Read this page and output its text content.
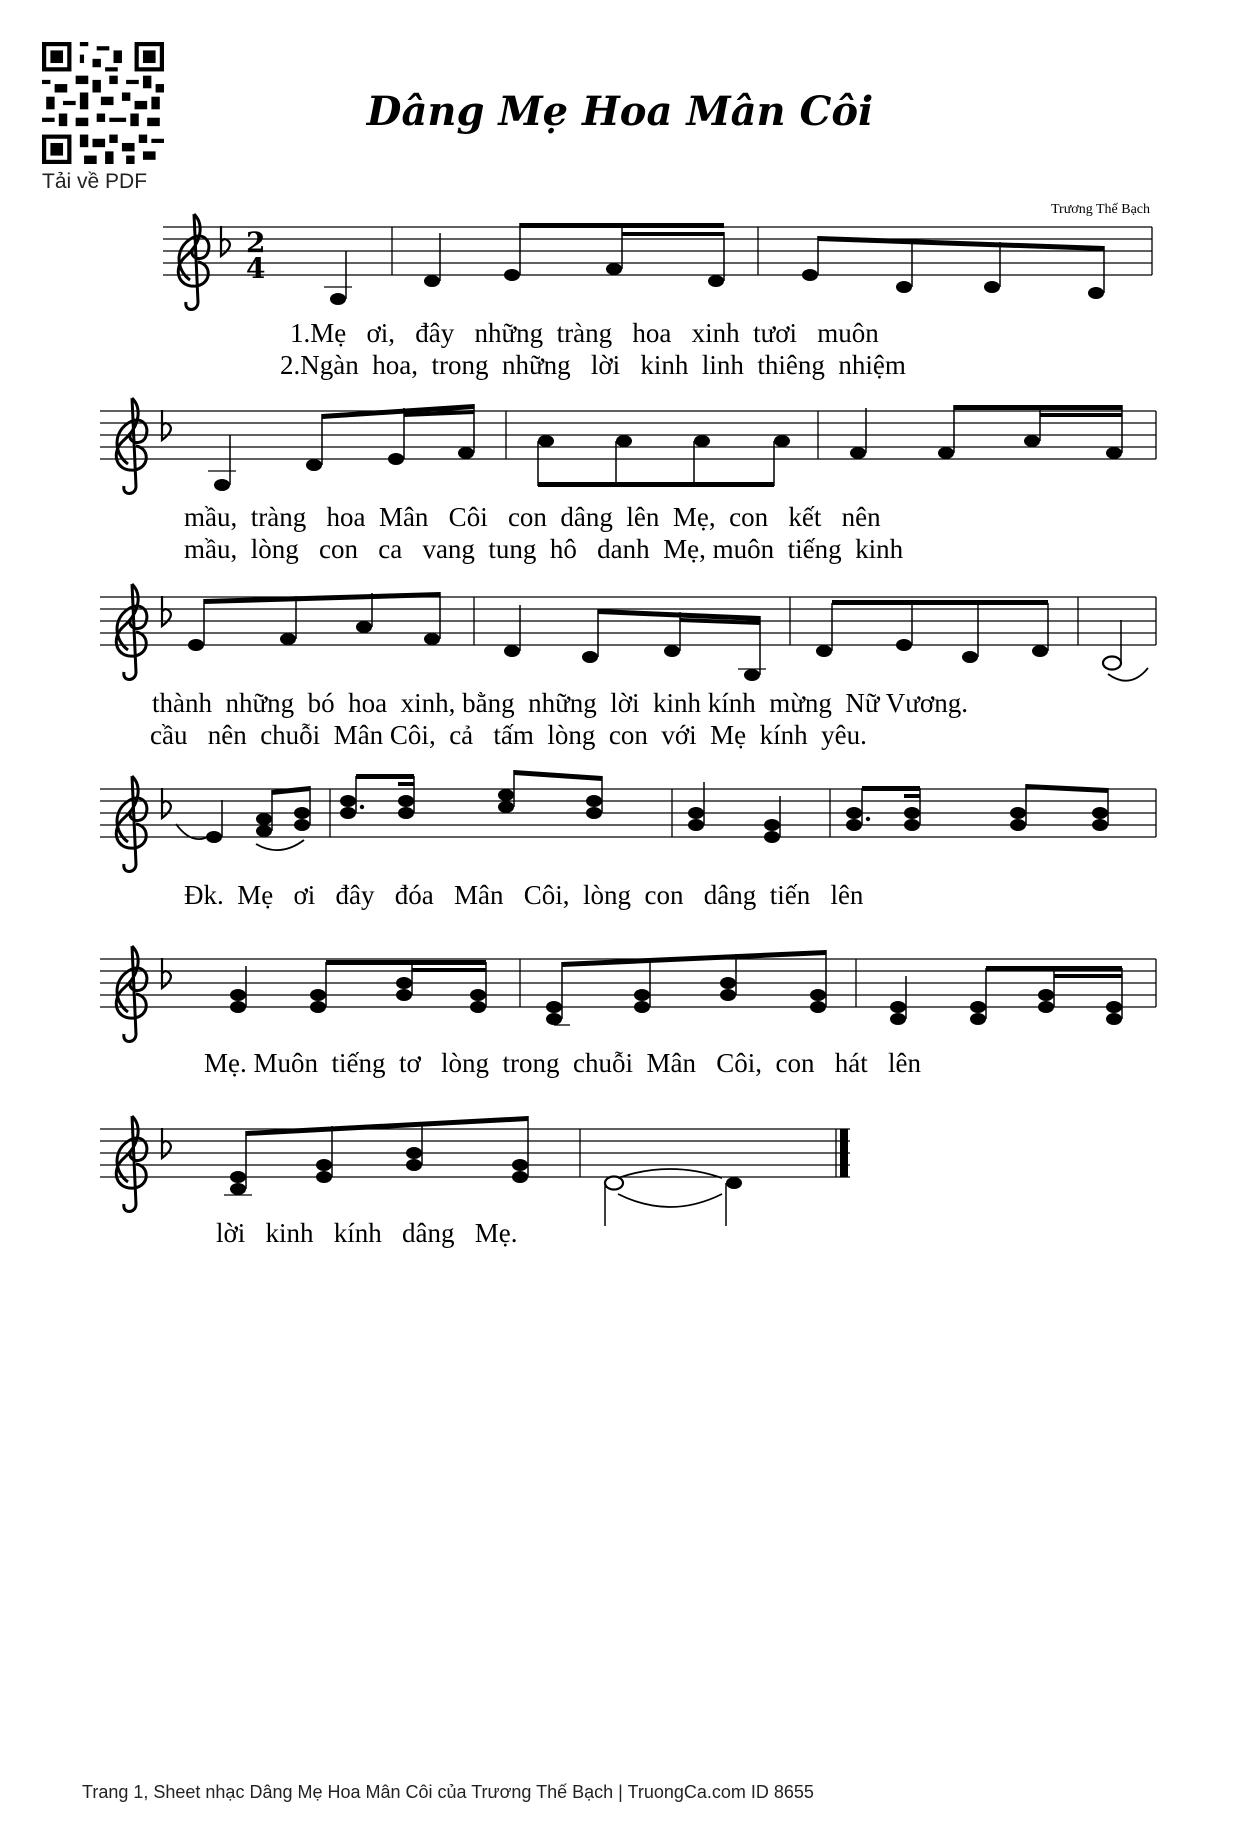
Tải về PDF
Dâng Mẹ Hoa Mân Côi
Trương Thế Bạch
2
4
1.Mẹ   ơi,   đây   những  tràng   hoa   xinh  tươi   muôn
2.Ngàn  hoa,  trong  những   lời   kinh  linh  thiêng  nhiệm
mầu,  tràng   hoa  Mân   Côi   con  dâng  lên  Mẹ,  con   kết   nên
mầu,  lòng   con   ca   vang  tung  hô   danh  Mẹ, muôn  tiếng  kinh
thành  những  bó  hoa  xinh, bằng  những  lời  kinh kính  mừng  Nữ Vương.
cầu   nên  chuỗi  Mân Côi,  cả   tấm  lòng  con  với  Mẹ  kính  yêu.
Đk.  Mẹ   ơi   đây   đóa   Mân   Côi,  lòng  con   dâng  tiến   lên
Mẹ. Muôn  tiếng  tơ   lòng  trong  chuỗi  Mân   Côi,  con   hát   lên
lời   kinh   kính   dâng   Mẹ.
Trang 1, Sheet nhạc Dâng Mẹ Hoa Mân Côi của Trương Thế Bạch | TruongCa.com ID 8655
